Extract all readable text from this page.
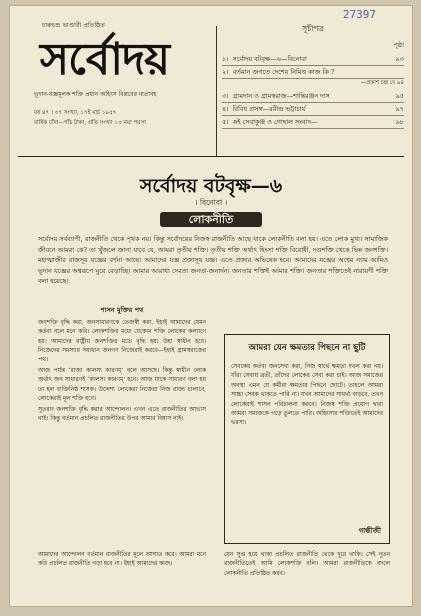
27397
চারুচন্দ্র ভাণ্ডারী প্রতিষ্ঠিত
সর্বোদয়
ভূদান-যজ্ঞমূলক শক্তি প্রধান অহিংস বিপ্লবের বার্তাবহ
বর্ষ ৪৭ । ৩৭ সংখ্যা, ১৭ই মার্চ ১৯৫৭
বার্ষিক চাঁদা—পাঁচ টাকা, প্রতি সংখ্যা ১৩ নয়া পয়সা
সূচীপত্র
পৃষ্ঠা
১। সর্বোদয় বটবৃক্ষ—৬—বিনোবা	৯৩
২। বর্তমান জগতে দেশের নিমিত্ত কাজ কি ?
—প্রকাশ চন্দ্র দে ৯৪
৩। গ্রামদান ও গ্রামস্বরাজ—শান্তিরঞ্জন দাস	৯৫
৪। বিবিধ প্রসঙ্গ—রবীন্দ্র ভট্টাচার্য	৯৭
৫। কই সেবাকুঞ্জ ও গোহাল সংবাদ—	৯৮
সর্বোদয় বটবৃক্ষ—৬
। বিনোবা ।
লোকনীতি
সর্বোদয় সর্বব্যাপী, রাজনীতি থেকে পৃথক নয়। কিন্তু সর্বোদয়ের নিজস্ব রাজনীতি আছে যাকে লোকনীতি বলা হয়। এতে লোক মুখ্য। সামাজিক জীবনে আমরা কে? তা খুঁজলে জানা যাবে যে, আমরা তৃতীয় শক্তি। তৃতীয় শক্তি অর্থাৎ হিংসা শক্তি বিরোধী, দণ্ডশক্তি থেকে ভিন্ন জনশক্তি। মহাত্মাজীর রাজসূয় যজ্ঞের বর্ণনা আছে। আমাদের যজ্ঞ প্রজাসূয় যজ্ঞ। এতে প্রজার অভিষেক হবে। আমাদের যজ্ঞের অশ্বের ন্যায় আমিও ভূদান যজ্ঞের অশ্বরূপে ঘুরে বেড়াচ্ছি। আমার আরাধ্য দেবতা জনতা-জনার্দন। জনতার শক্তিই আমার শক্তি। জনতার শক্তিতেই নারায়ণী শক্তি বলা হয়েছে।
শাসন মুক্তির পথ

জনশক্তি বৃদ্ধি করা, জনসাধারণকে তেজস্বী করা, ইহাই আমাদের যেমন কর্তব্য বলে মনে করি। লোকশক্তির মধ্যে যেকোন শক্তি লোকের কল্যাণে হয়। আমাদের রাষ্ট্রীয় জনশক্তির মতে বৃদ্ধি হয়। উহা স্বাধীন হবে। নিজেদের সমস্যার সমাধান জনগণ নিজেরাই করবে—ইহাই গ্রামস্বরাজের পথ।

আজ পর্যন্ত ‘রাজা কালস্য কারণম্’ বলে আসছে। কিন্তু স্বাধীন লোক অর্থাৎ জন সাধারণই ‘কালস্য কারণম্’ হবে। আজ যাকে সাধারণ বলা হয় তা হল ব্যক্তিনিষ্ঠ শাসক। উদ্দেশ্য লোকেরা নিজেরা নিজ রাজ্য চালাবে, লোকেরাই মূল শক্তি হবে।

সুতরাং জনশক্তি বৃদ্ধি করার আন্দোলন। এখন এতে রাজনীতির আভাস নাই। কিন্তু বর্তমান প্রচলিত রাজনীতির উপর আমার বিশ্বাস নাই।

আমরা যেন ক্ষমতার পিছনে না ছুটি
সেবকের কর্তব্য জনসেবা করা, নিজ স্বার্থে ক্ষমতা দখল করা নয়। যাঁরা সেবায় ব্রতী, তাঁদের লোকের সেবা করা চাই। আজ সমাজের অবস্থা এমন যে কর্মীরা ক্ষমতার পিছনে ছোটে। তাহলে আমরা সাচ্চা সেবক থাকতে পারি না। যখন আমাদের সামর্থ্য বাড়বে, তখন লোকেরাই শাসন পরিচালনা করবে। নিজস্ব শক্তি প্রয়োগ দ্বারা আমরা সমাজকে গড়ে তুলতে পারি। অহিংসার শক্তিতেই আমাদের ভরসা।
গান্ধীজী
আমাদের আন্দোলন বর্তমান রাজনীতির মূলে আঘাত করে। আমরা মনে করি প্রচলিত রাজনীতি গড়া হবে না। ইহাই আমাদের কাজ।
যেন সুপ্ত হয়ে থাকা প্রচলিত রাজনীতি থেকে দূরে থাকি। সেই নূতন রাজনীতিতেই আমি লোকশক্তি বলি। আমরা রাজনীতিকে বদলে লোকনীতি প্রতিষ্ঠিত করব।
